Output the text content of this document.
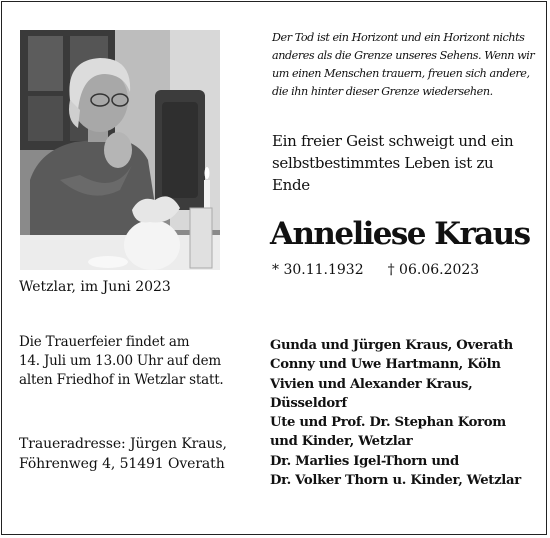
Wetzlar, im Juni 2023
Der Tod ist ein Horizont und ein Horizont nichts
anderes als die Grenze unseres Sehens. Wenn wir
um einen Menschen trauern, freuen sich andere,
die ihn hinter dieser Grenze wiedersehen.
Ein freier Geist schweigt und ein
selbstbestimmtes Leben ist zu
Ende
Anneliese Kraus
* 30.11.1932 † 06.06.2023
Die Trauerfeier findet am
14. Juli um 13.00 Uhr auf dem
alten Friedhof in Wetzlar statt.
Traueradresse: Jürgen Kraus,
Föhrenweg 4, 51491 Overath
Gunda und Jürgen Kraus, Overath
Conny und Uwe Hartmann, Köln
Vivien und Alexander Kraus,
Düsseldorf
Ute und Prof. Dr. Stephan Korom
und Kinder, Wetzlar
Dr. Marlies Igel-Thorn und
Dr. Volker Thorn u. Kinder, Wetzlar
